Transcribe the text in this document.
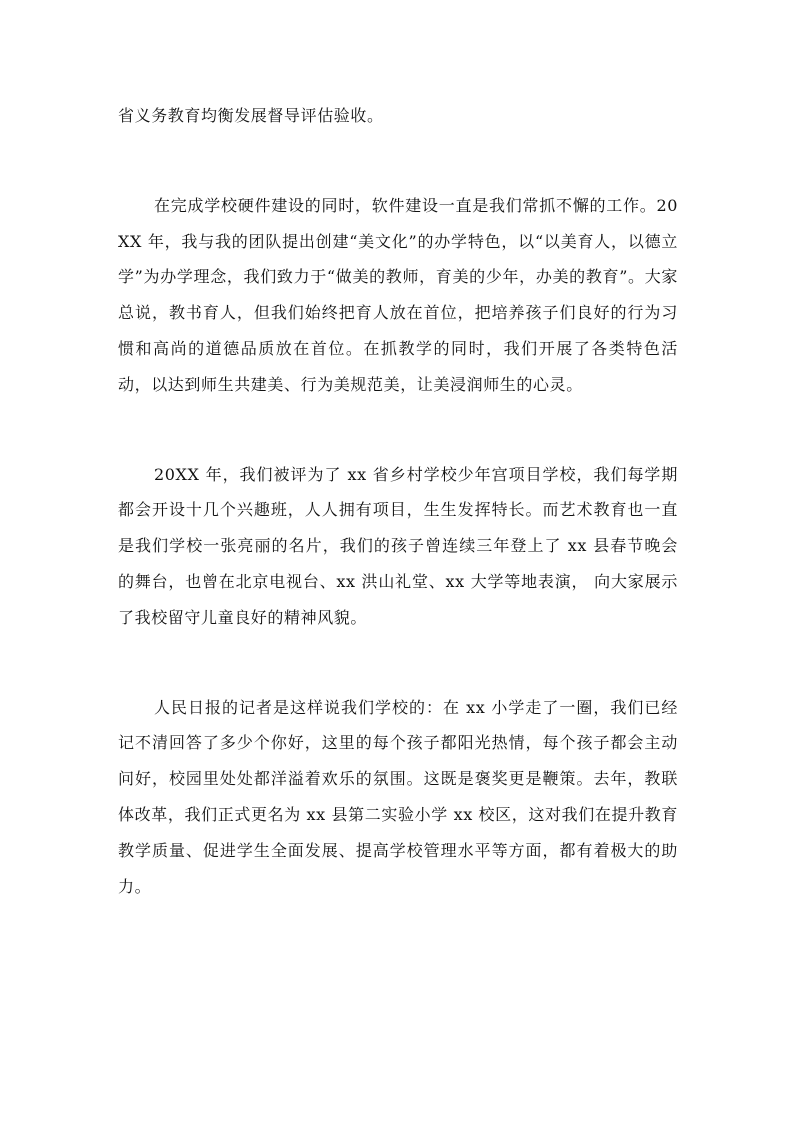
省义务教育均衡发展督导评估验收。

在完成学校硬件建设的同时，软件建设一直是我们常抓不懈的工作。20XX 年，我与我的团队提出创建“美文化”的办学特色，以“以美育人，以德立学”为办学理念，我们致力于“做美的教师，育美的少年，办美的教育”。大家总说，教书育人，但我们始终把育人放在首位，把培养孩子们良好的行为习惯和高尚的道德品质放在首位。在抓教学的同时，我们开展了各类特色活动，以达到师生共建美、行为美规范美，让美浸润师生的心灵。

20XX 年，我们被评为了 xx 省乡村学校少年宫项目学校，我们每学期都会开设十几个兴趣班，人人拥有项目，生生发挥特长。而艺术教育也一直是我们学校一张亮丽的名片，我们的孩子曾连续三年登上了 xx 县春节晚会的舞台，也曾在北京电视台、xx 洪山礼堂、xx 大学等地表演， 向大家展示了我校留守儿童良好的精神风貌。

人民日报的记者是这样说我们学校的：在 xx 小学走了一圈，我们已经记不清回答了多少个你好，这里的每个孩子都阳光热情，每个孩子都会主动问好，校园里处处都洋溢着欢乐的氛围。这既是褒奖更是鞭策。去年，教联体改革，我们正式更名为 xx 县第二实验小学 xx 校区，这对我们在提升教育教学质量、促进学生全面发展、提高学校管理水平等方面，都有着极大的助力。
